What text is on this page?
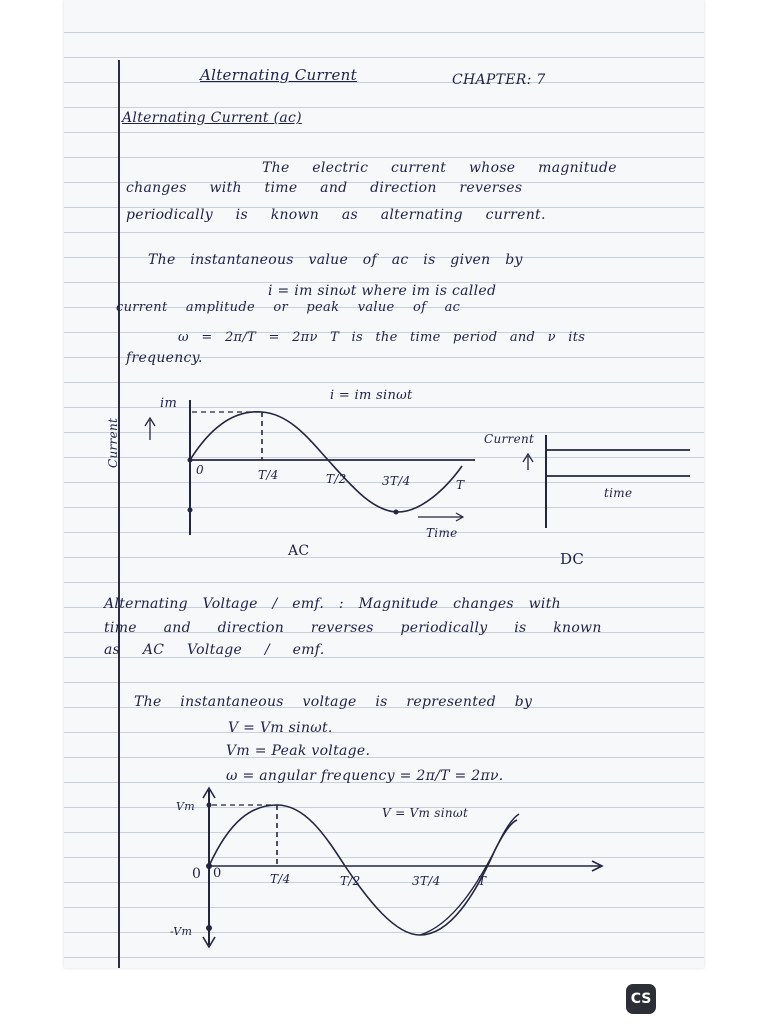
Alternating Current	CHAPTER: 7
Alternating Current (ac)
The electric current whose magnitude
changes with time and direction reverses
periodically is known as alternating current.
The instantaneous value of ac is given by
i = im sinωt where im is called
current amplitude or peak value of ac
ω = 2π/T = 2πν T is the time period and ν its
frequency.
i = im sinωt
Current
im
0	T/4	T/2	3T/4	T
Time
AC
Current
time
DC
Alternating Voltage / emf. : Magnitude changes with
time and direction reverses periodically is known
as AC Voltage / emf.
The instantaneous voltage is represented by
V = Vm sinωt.
Vm = Peak voltage.
ω = angular frequency = 2π/T = 2πν.
V = Vm sinωt
Vm
-Vm
0 0	T/4	T/2	3T/4	T
CS
